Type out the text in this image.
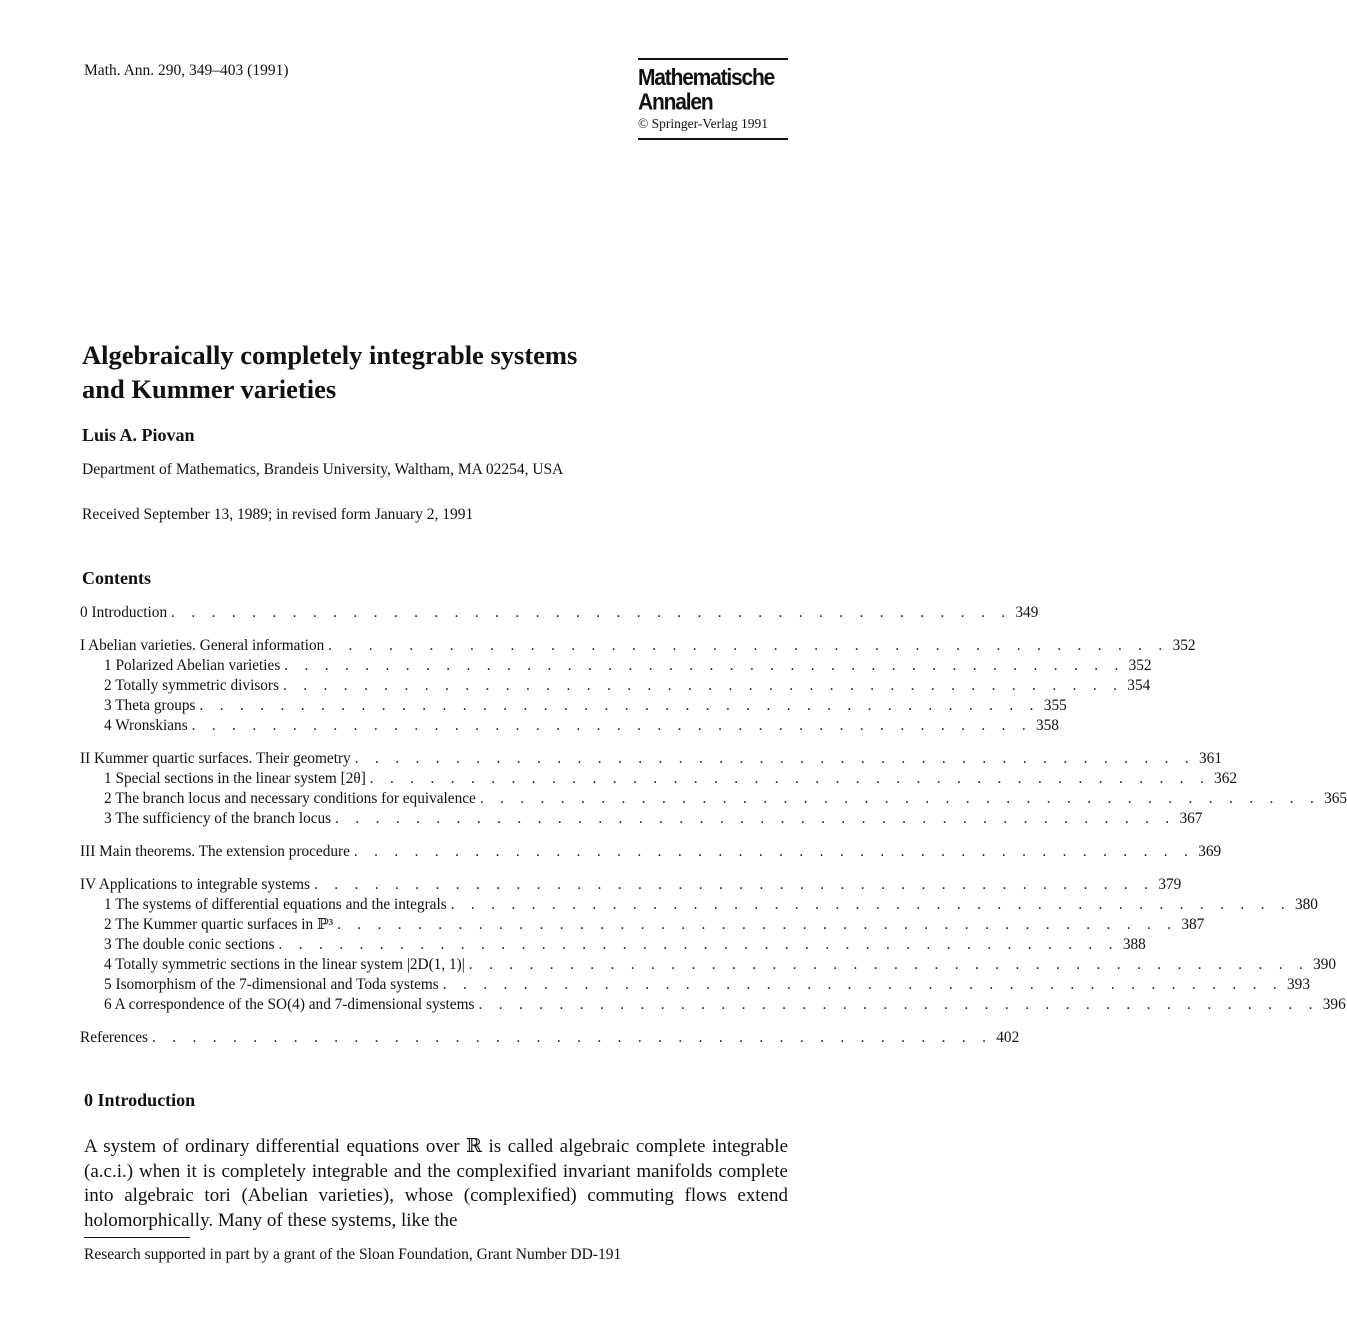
Math. Ann. 290, 349–403 (1991)	Mathematische
Annalen
© Springer-Verlag 1991
Algebraically completely integrable systems
and Kummer varieties
Luis A. Piovan
Department of Mathematics, Brandeis University, Waltham, MA 02254, USA
Received September 13, 1989; in revised form January 2, 1991
Contents
0 Introduction . . . . . . . . . . . . . . . . . . . . . . . . . . . . . . . . . . . . . . . . . . 349
I Abelian varieties. General information . . . . . . . . . . . . . . . . . . . . . . . . . . . . . . . . . . . . . . . . . . 352
1 Polarized Abelian varieties . . . . . . . . . . . . . . . . . . . . . . . . . . . . . . . . . . . . . . . . . . 352
2 Totally symmetric divisors . . . . . . . . . . . . . . . . . . . . . . . . . . . . . . . . . . . . . . . . . . 354
3 Theta groups . . . . . . . . . . . . . . . . . . . . . . . . . . . . . . . . . . . . . . . . . . 355
4 Wronskians . . . . . . . . . . . . . . . . . . . . . . . . . . . . . . . . . . . . . . . . . . 358
II Kummer quartic surfaces. Their geometry . . . . . . . . . . . . . . . . . . . . . . . . . . . . . . . . . . . . . . . . . . 361
1 Special sections in the linear system [2θ] . . . . . . . . . . . . . . . . . . . . . . . . . . . . . . . . . . . . . . . . . . 362
2 The branch locus and necessary conditions for equivalence . . . . . . . . . . . . . . . . . . . . . . . . . . . . . . . . . . . . . . . . . . 365
3 The sufficiency of the branch locus . . . . . . . . . . . . . . . . . . . . . . . . . . . . . . . . . . . . . . . . . . 367
III Main theorems. The extension procedure . . . . . . . . . . . . . . . . . . . . . . . . . . . . . . . . . . . . . . . . . . 369
IV Applications to integrable systems . . . . . . . . . . . . . . . . . . . . . . . . . . . . . . . . . . . . . . . . . . 379
1 The systems of differential equations and the integrals . . . . . . . . . . . . . . . . . . . . . . . . . . . . . . . . . . . . . . . . . . 380
2 The Kummer quartic surfaces in ℙ³ . . . . . . . . . . . . . . . . . . . . . . . . . . . . . . . . . . . . . . . . . . 387
3 The double conic sections . . . . . . . . . . . . . . . . . . . . . . . . . . . . . . . . . . . . . . . . . . 388
4 Totally symmetric sections in the linear system |2D(1, 1)| . . . . . . . . . . . . . . . . . . . . . . . . . . . . . . . . . . . . . . . . . . 390
5 Isomorphism of the 7-dimensional and Toda systems . . . . . . . . . . . . . . . . . . . . . . . . . . . . . . . . . . . . . . . . . . 393
6 A correspondence of the SO(4) and 7-dimensional systems . . . . . . . . . . . . . . . . . . . . . . . . . . . . . . . . . . . . . . . . . . 396
References . . . . . . . . . . . . . . . . . . . . . . . . . . . . . . . . . . . . . . . . . . 402
0 Introduction

A system of ordinary differential equations over ℝ is called algebraic complete integrable (a.c.i.) when it is completely integrable and the complexified invariant manifolds complete into algebraic tori (Abelian varieties), whose (complexified) commuting flows extend holomorphically. Many of these systems, like the

Research supported in part by a grant of the Sloan Foundation, Grant Number DD-191
